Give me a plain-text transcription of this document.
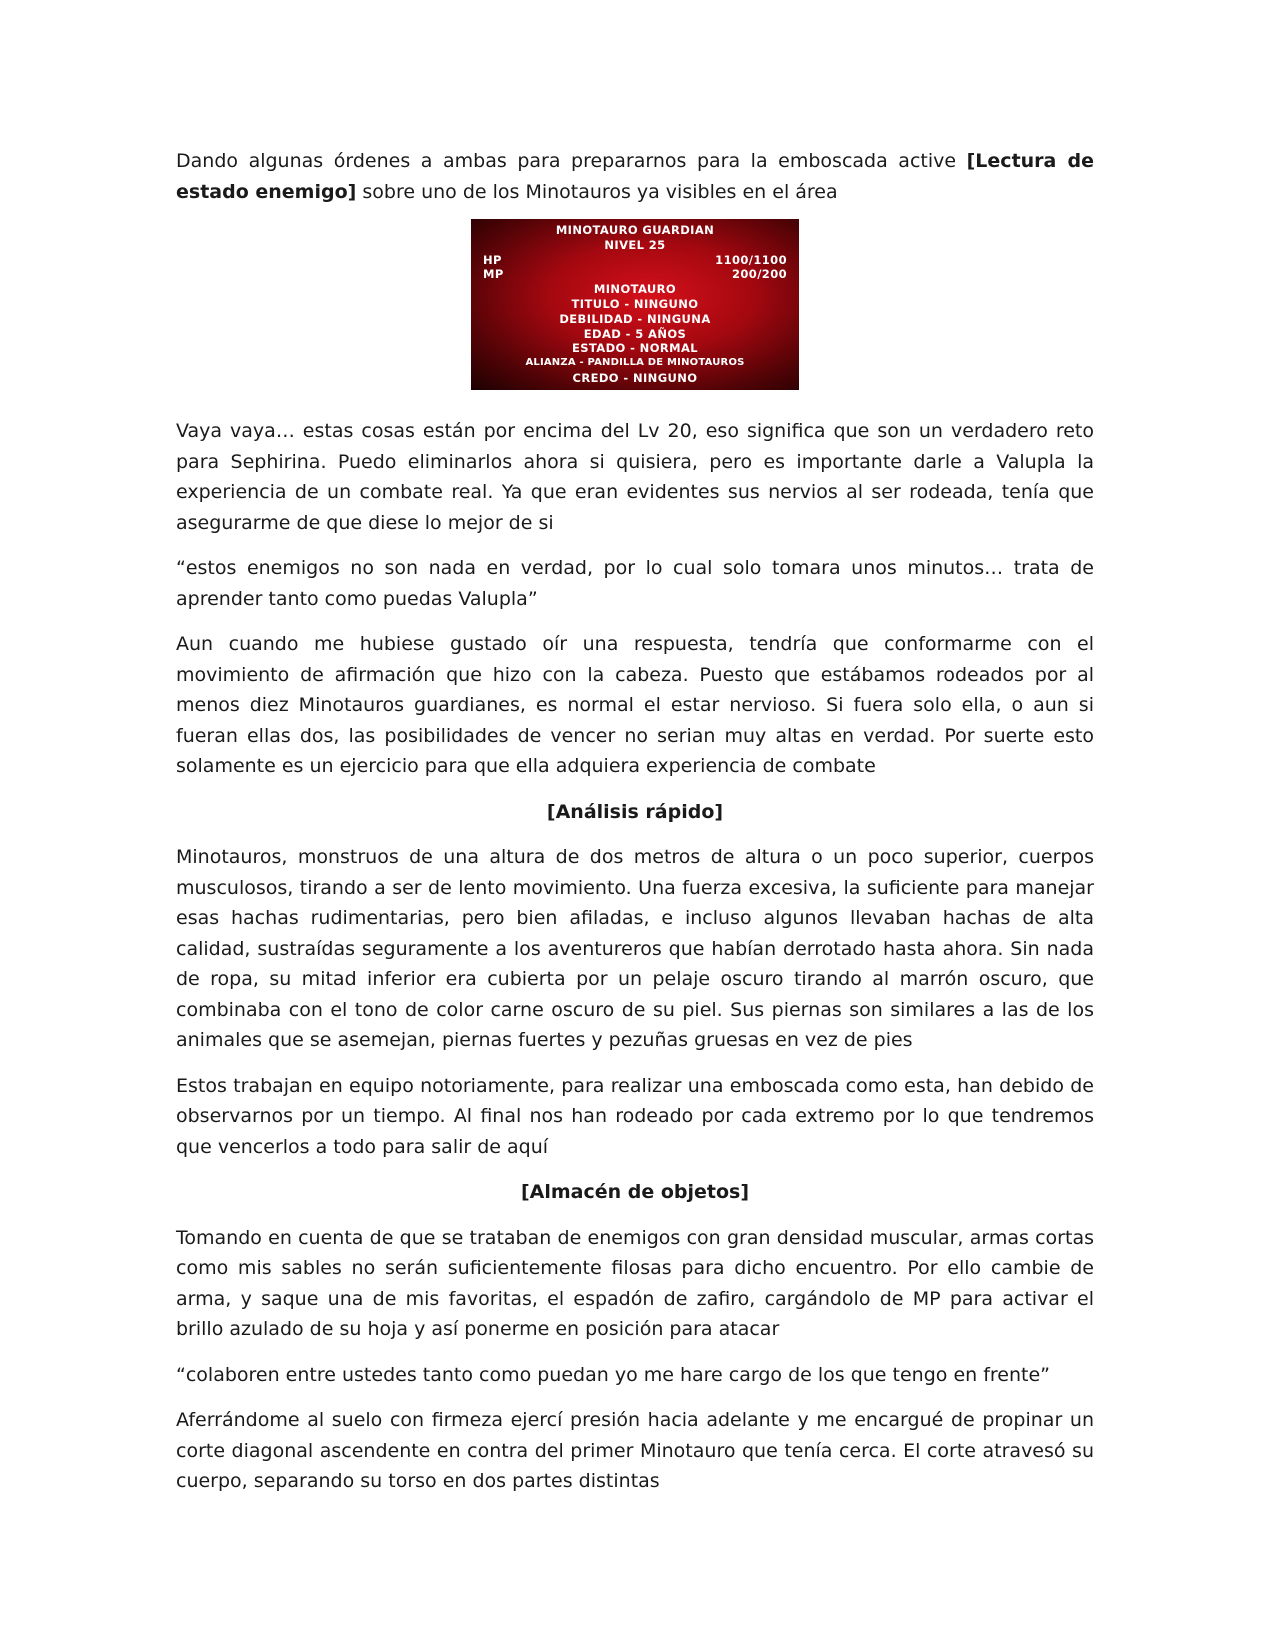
Dando algunas órdenes a ambas para prepararnos para la emboscada active [Lectura de estado enemigo] sobre uno de los Minotauros ya visibles en el área

MINOTAURO GUARDIAN
NIVEL 25
HP	1100/1100
MP	200/200
MINOTAURO
TITULO - NINGUNO
DEBILIDAD - NINGUNA
EDAD - 5 AÑOS
ESTADO - NORMAL
ALIANZA - PANDILLA DE MINOTAUROS
CREDO - NINGUNO

Vaya vaya… estas cosas están por encima del Lv 20, eso significa que son un verdadero reto para Sephirina. Puedo eliminarlos ahora si quisiera, pero es importante darle a Valupla la experiencia de un combate real. Ya que eran evidentes sus nervios al ser rodeada, tenía que asegurarme de que diese lo mejor de si

“estos enemigos no son nada en verdad, por lo cual solo tomara unos minutos… trata de aprender tanto como puedas Valupla”

Aun cuando me hubiese gustado oír una respuesta, tendría que conformarme con el movimiento de afirmación que hizo con la cabeza. Puesto que estábamos rodeados por al menos diez Minotauros guardianes, es normal el estar nervioso. Si fuera solo ella, o aun si fueran ellas dos, las posibilidades de vencer no serian muy altas en verdad. Por suerte esto solamente es un ejercicio para que ella adquiera experiencia de combate

[Análisis rápido]

Minotauros, monstruos de una altura de dos metros de altura o un poco superior, cuerpos musculosos, tirando a ser de lento movimiento. Una fuerza excesiva, la suficiente para manejar esas hachas rudimentarias, pero bien afiladas, e incluso algunos llevaban hachas de alta calidad, sustraídas seguramente a los aventureros que habían derrotado hasta ahora. Sin nada de ropa, su mitad inferior era cubierta por un pelaje oscuro tirando al marrón oscuro, que combinaba con el tono de color carne oscuro de su piel. Sus piernas son similares a las de los animales que se asemejan, piernas fuertes y pezuñas gruesas en vez de pies

Estos trabajan en equipo notoriamente, para realizar una emboscada como esta, han debido de observarnos por un tiempo. Al final nos han rodeado por cada extremo por lo que tendremos que vencerlos a todo para salir de aquí

[Almacén de objetos]

Tomando en cuenta de que se trataban de enemigos con gran densidad muscular, armas cortas como mis sables no serán suficientemente filosas para dicho encuentro. Por ello cambie de arma, y saque una de mis favoritas, el espadón de zafiro, cargándolo de MP para activar el brillo azulado de su hoja y así ponerme en posición para atacar

“colaboren entre ustedes tanto como puedan yo me hare cargo de los que tengo en frente”

Aferrándome al suelo con firmeza ejercí presión hacia adelante y me encargué de propinar un corte diagonal ascendente en contra del primer Minotauro que tenía cerca. El corte atravesó su cuerpo, separando su torso en dos partes distintas
